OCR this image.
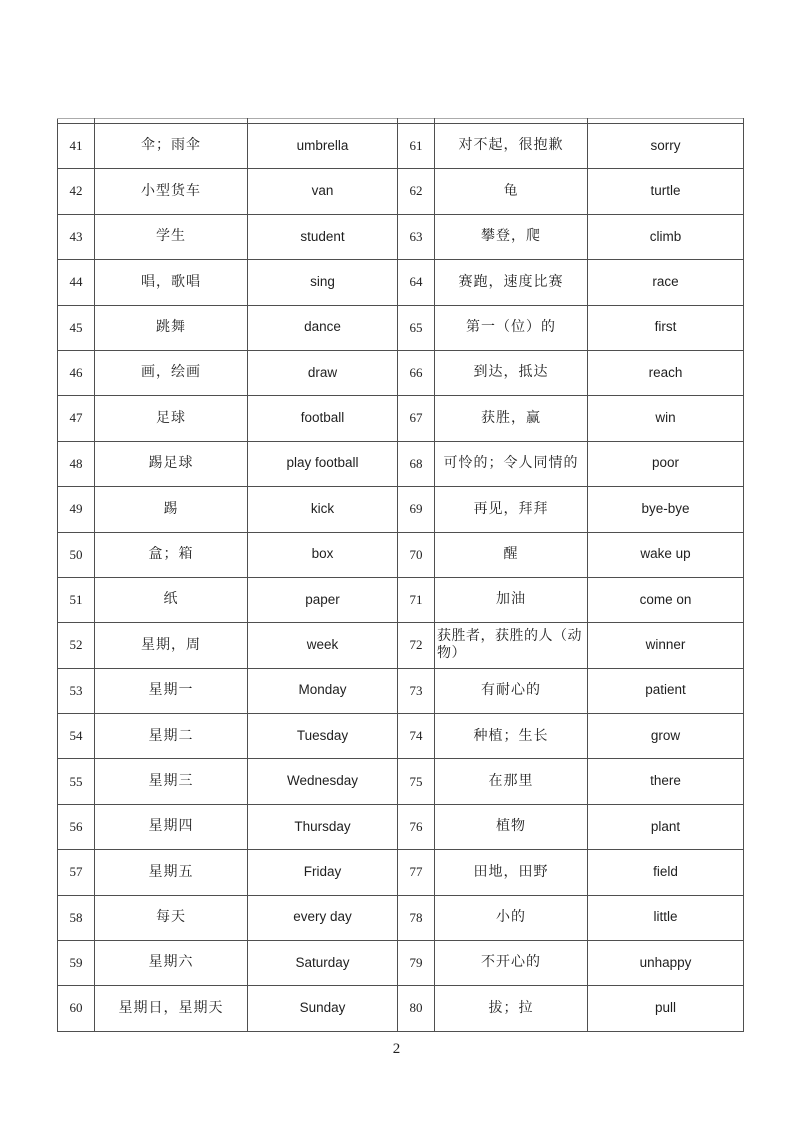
41	伞；雨伞	umbrella	61	对不起，很抱歉	sorry
42	小型货车	van	62	龟	turtle
43	学生	student	63	攀登，爬	climb
44	唱，歌唱	sing	64	赛跑，速度比赛	race
45	跳舞	dance	65	第一（位）的	first
46	画，绘画	draw	66	到达，抵达	reach
47	足球	football	67	获胜，赢	win
48	踢足球	play football	68	可怜的；令人同情的	poor
49	踢	kick	69	再见，拜拜	bye-bye
50	盒；箱	box	70	醒	wake up
51	纸	paper	71	加油	come on
52	星期，周	week	72	获胜者，获胜的人（动物）	winner
53	星期一	Monday	73	有耐心的	patient
54	星期二	Tuesday	74	种植；生长	grow
55	星期三	Wednesday	75	在那里	there
56	星期四	Thursday	76	植物	plant
57	星期五	Friday	77	田地，田野	field
58	每天	every day	78	小的	little
59	星期六	Saturday	79	不开心的	unhappy
60	星期日，星期天	Sunday	80	拔；拉	pull
2
